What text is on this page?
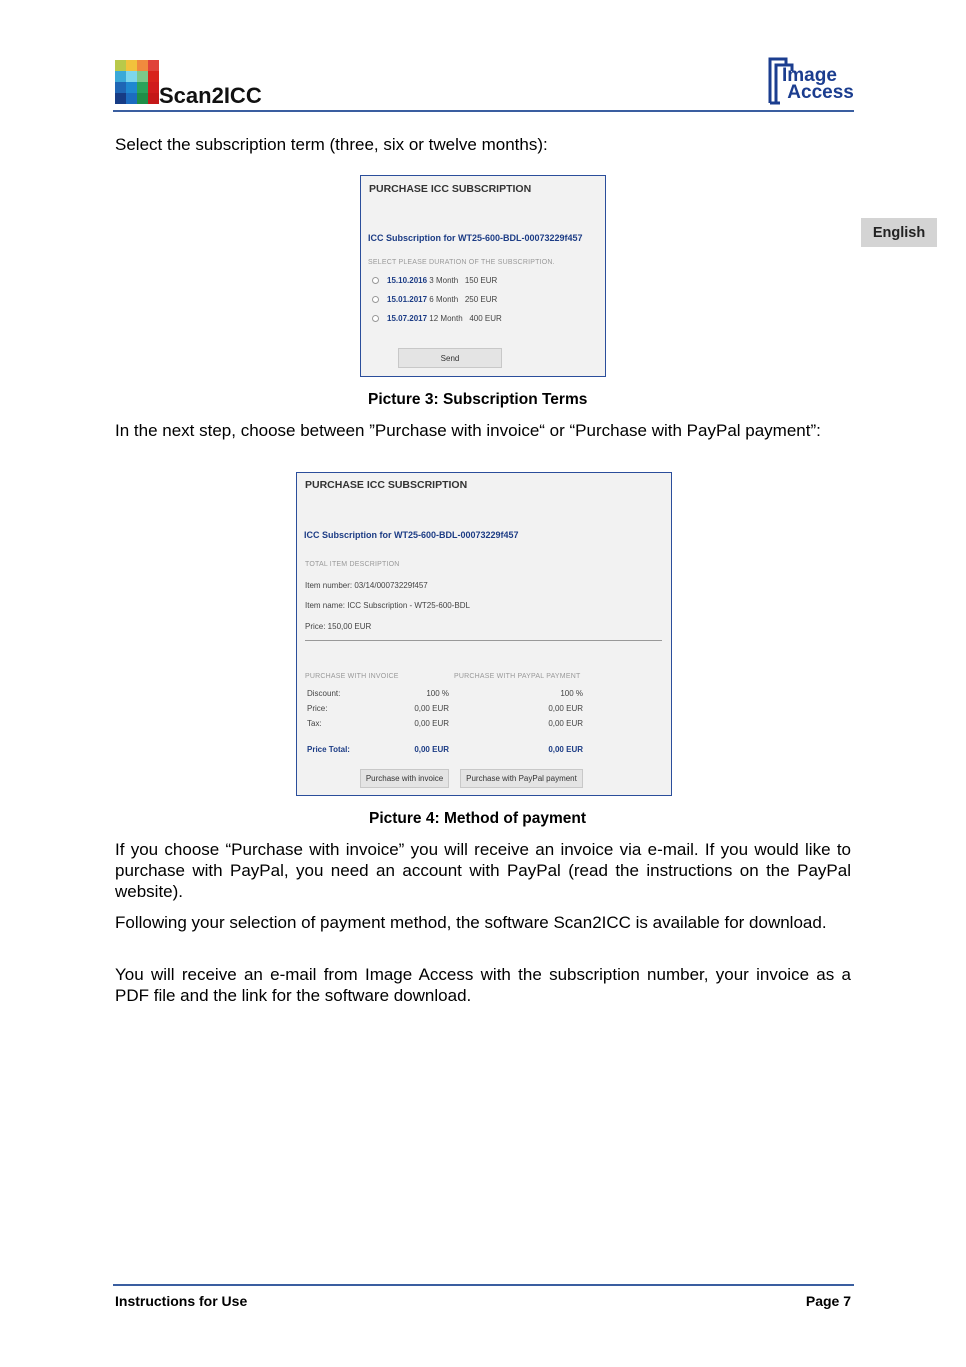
Scan2ICC
Image
Access
English

Select the subscription term (three, six or twelve months):

PURCHASE ICC SUBSCRIPTION
ICC Subscription for WT25-600-BDL-00073229f457
SELECT PLEASE DURATION OF THE SUBSCRIPTION.
15.10.2016 3 Month 150 EUR
15.01.2017 6 Month 250 EUR
15.07.2017 12 Month 400 EUR
Send
Picture 3: Subscription Terms

In the next step, choose between ”Purchase with invoice“ or “Purchase with PayPal payment”:

PURCHASE ICC SUBSCRIPTION
ICC Subscription for WT25-600-BDL-00073229f457
TOTAL ITEM DESCRIPTION
Item number: 03/14/00073229f457
Item name: ICC Subscription - WT25-600-BDL
Price: 150,00 EUR
PURCHASE WITH INVOICE	PURCHASE WITH PAYPAL PAYMENT
Discount:	100 %	100 %
Price:	0,00 EUR	0,00 EUR
Tax:	0,00 EUR	0,00 EUR
Price Total:	0,00 EUR	0,00 EUR
Purchase with invoice	Purchase with PayPal payment
Picture 4: Method of payment

If you choose “Purchase with invoice” you will receive an invoice via e-mail. If you would like to purchase with PayPal, you need an account with PayPal (read the instructions on the PayPal website).

Following your selection of payment method, the software Scan2ICC is available for download.

You will receive an e-mail from Image Access with the subscription number, your invoice as a PDF file and the link for the software download.

Instructions for Use	Page 7
